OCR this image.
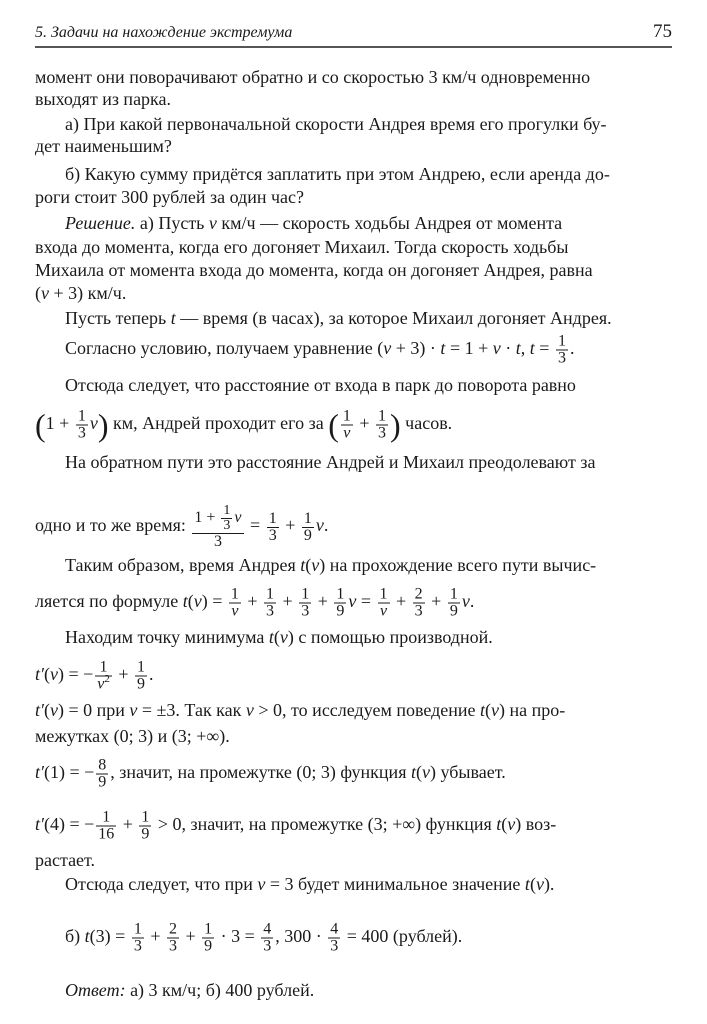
5. Задачи на нахождение экстремума	75
момент они поворачивают обратно и со скоростью 3 км/ч одновременно
выходят из парка.
а) При какой первоначальной скорости Андрея время его прогулки бу-
дет наименьшим?
б) Какую сумму придётся заплатить при этом Андрею, если аренда до-
роги стоит 300 рублей за один час?
Решение. а) Пусть v км/ч — скорость ходьбы Андрея от момента
входа до момента, когда его догоняет Михаил. Тогда скорость ходьбы
Михаила от момента входа до момента, когда он догоняет Андрея, равна
(v + 3) км/ч.
Пусть теперь t — время (в часах), за которое Михаил догоняет Андрея.
Согласно условию, получаем уравнение (v + 3) · t = 1 + v · t, $t = \frac{1}{3}$ .
Отсюда следует, что расстояние от входа в парк до поворота равно
$(1 + \frac{1}{3} v)$ км, Андрей проходит его за ( $\frac{1}{v} + \frac{1}{3}$ ) часов.
На обратном пути это расстояние Андрей и Михаил преодолевают за
одно и то же время: $\frac{1 + \frac{1}{3} v}{3} = \frac{1}{3} + \frac{1}{9} v$.
Таким образом, время Андрея t(v) на прохождение всего пути вычис-
ляется по формуле $t(v) = \frac{1}{v} + \frac{1}{3} + \frac{1}{3} + \frac{1}{9}$ $v = \frac{1}{v} + \frac{2}{3} + \frac{1}{9} v$.
Находим точку минимума t(v) с помощью производной.
t′(v) = − $\frac{1}{v^2} + \frac{1}{9}$ .
t′(v) = 0 при v = ±3. Так как v > 0, то исследуем поведение t(v) на про-
межутках (0; 3) и (3; +∞).
t′(1) = − $\frac{8}{9}$ , значит, на промежутке (0; 3) функция t(v) убывает.
t′(4) = − $\frac{1}{16} + \frac{1}{9} > 0$, значит, на промежутке (3; +∞) функция t(v) воз-
растает.
Отсюда следует, что при v = 3 будет минимальное значение t(v).
б) $t(3) = \frac{1}{3} + \frac{2}{3} + \frac{1}{9} \cdot 3 = \frac{4}{3}$ , $300 \cdot \frac{4}{3} = 400$ (рублей).
Ответ: а) 3 км/ч; б) 400 рублей.
